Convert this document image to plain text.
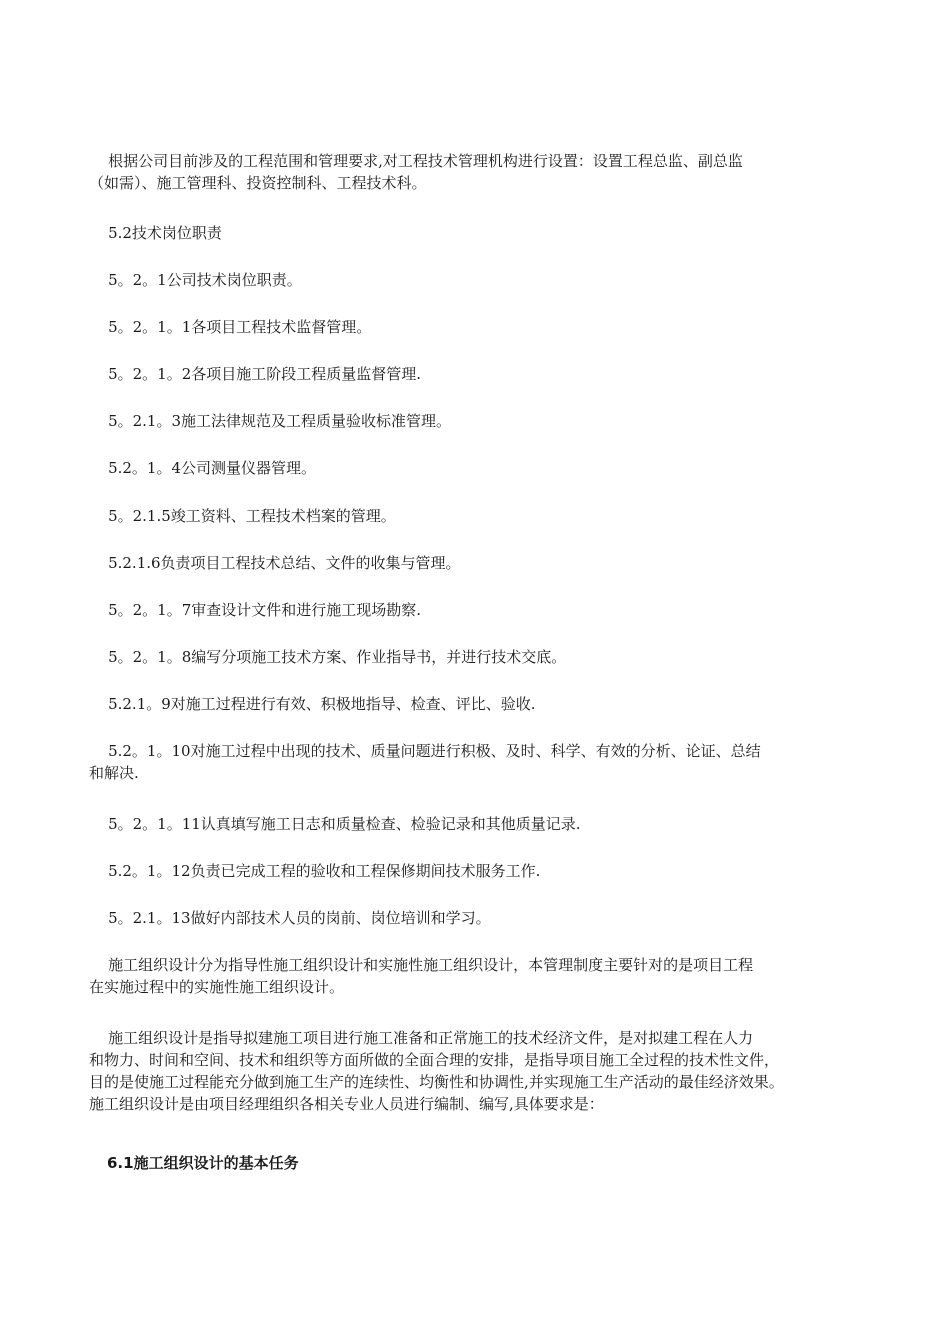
根据公司目前涉及的工程范围和管理要求,对工程技术管理机构进行设置：设置工程总监、副总监
（如需）、施工管理科、投资控制科、工程技术科。

5.2技术岗位职责

5。2。1公司技术岗位职责。

5。2。1。1各项目工程技术监督管理。

5。2。1。2各项目施工阶段工程质量监督管理.

5。2.1。3施工法律规范及工程质量验收标准管理。

5.2。1。4公司测量仪器管理。

5。2.1.5竣工资料、工程技术档案的管理。

5.2.1.6负责项目工程技术总结、文件的收集与管理。

5。2。1。7审查设计文件和进行施工现场勘察.

5。2。1。8编写分项施工技术方案、作业指导书，并进行技术交底。

5.2.1。9对施工过程进行有效、积极地指导、检查、评比、验收.

5.2。1。10对施工过程中出现的技术、质量问题进行积极、及时、科学、有效的分析、论证、总结
和解决.

5。2。1。11认真填写施工日志和质量检查、检验记录和其他质量记录.

5.2。1。12负责已完成工程的验收和工程保修期间技术服务工作.

5。2.1。13做好内部技术人员的岗前、岗位培训和学习。

施工组织设计分为指导性施工组织设计和实施性施工组织设计，本管理制度主要针对的是项目工程
在实施过程中的实施性施工组织设计。

施工组织设计是指导拟建施工项目进行施工准备和正常施工的技术经济文件，是对拟建工程在人力
和物力、时间和空间、技术和组织等方面所做的全面合理的安排，是指导项目施工全过程的技术性文件，
目的是使施工过程能充分做到施工生产的连续性、均衡性和协调性,并实现施工生产活动的最佳经济效果。
施工组织设计是由项目经理组织各相关专业人员进行编制、编写,具体要求是：

6.1施工组织设计的基本任务
